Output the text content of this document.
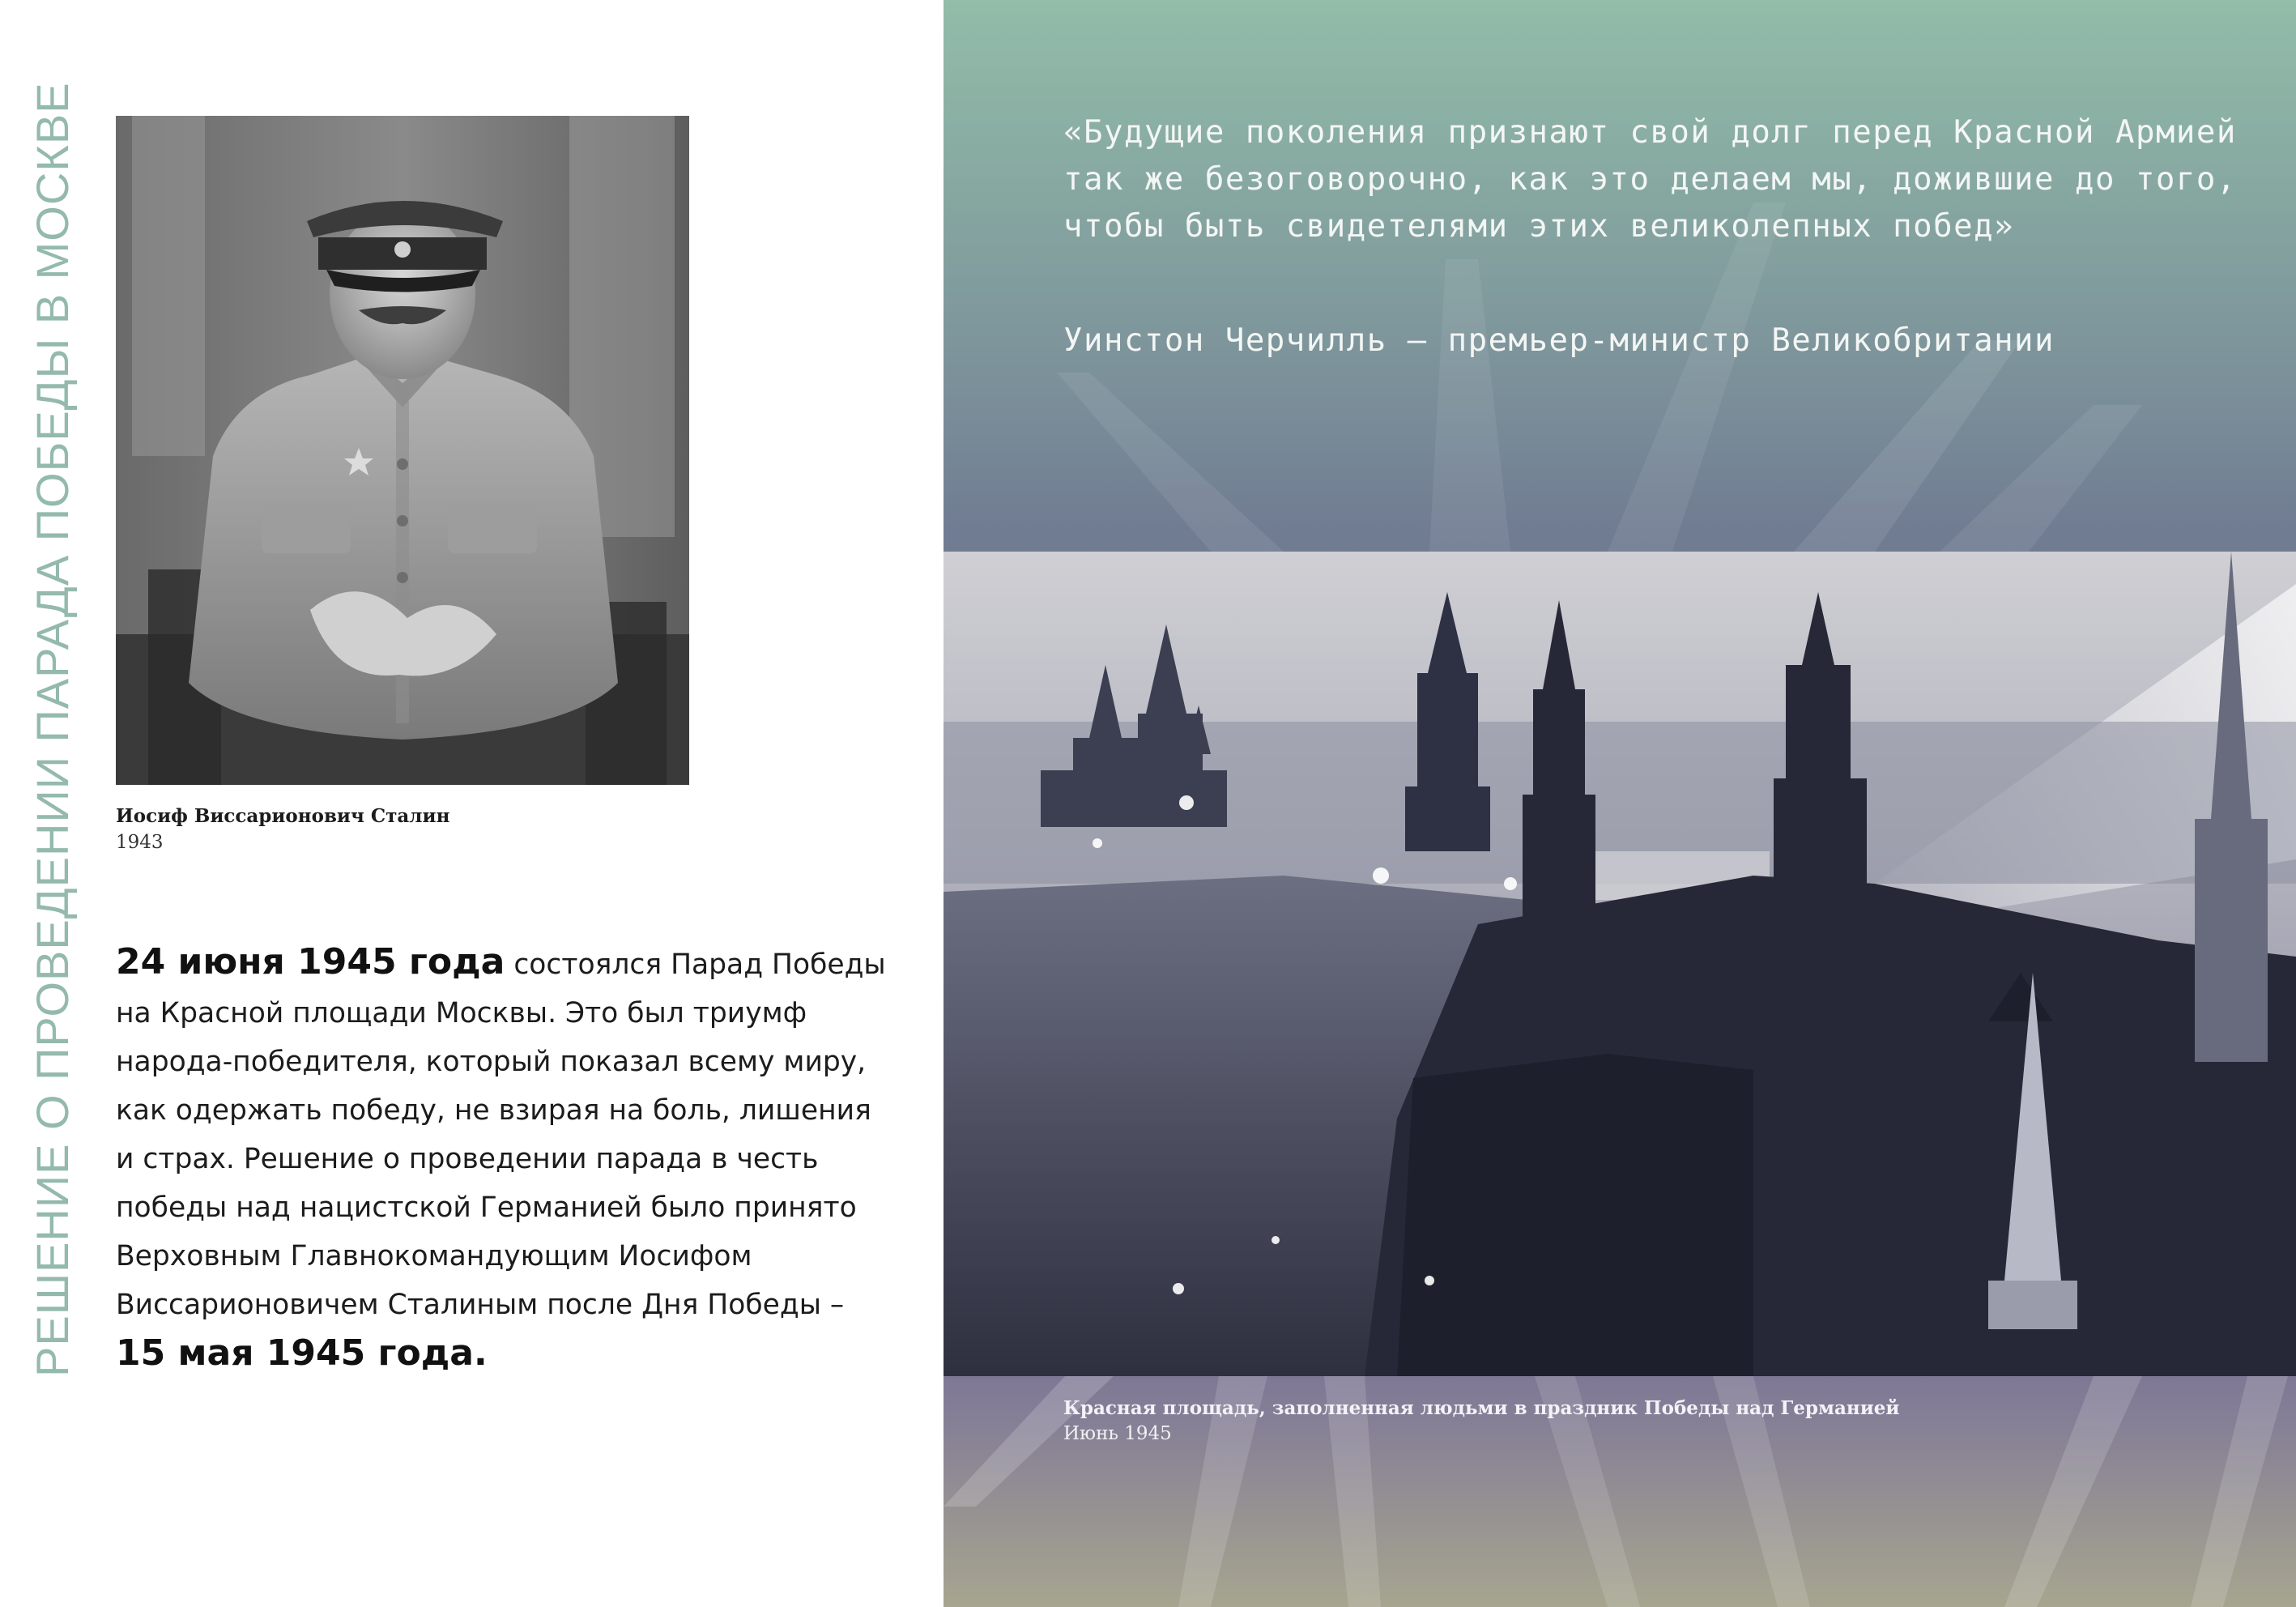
РЕШЕНИЕ О ПРОВЕДЕНИИ ПАРАДА ПОБЕДЫ В МОСКВЕ	Иосиф Виссарионович Сталин
1943
24 июня 1945 года состоялся Парад Победы на Красной площади Москвы. Это был триумф народа-победителя, который показал всему миру, как одержать победу, не взирая на боль, лишения и страх. Решение о проведении парада в честь победы над нацистской Германией было принято Верховным Главнокомандующим Иосифом Виссарионовичем Сталиным после Дня Победы – 15 мая 1945 года.
«Будущие поколения признают свой долг перед Красной Армией так же безоговорочно, как это делаем мы, дожившие до того, чтобы быть свидетелями этих великолепных побед»
Уинстон Черчилль – премьер-министр Великобритании
Красная площадь, заполненная людьми в праздник Победы над Германией
Июнь 1945
